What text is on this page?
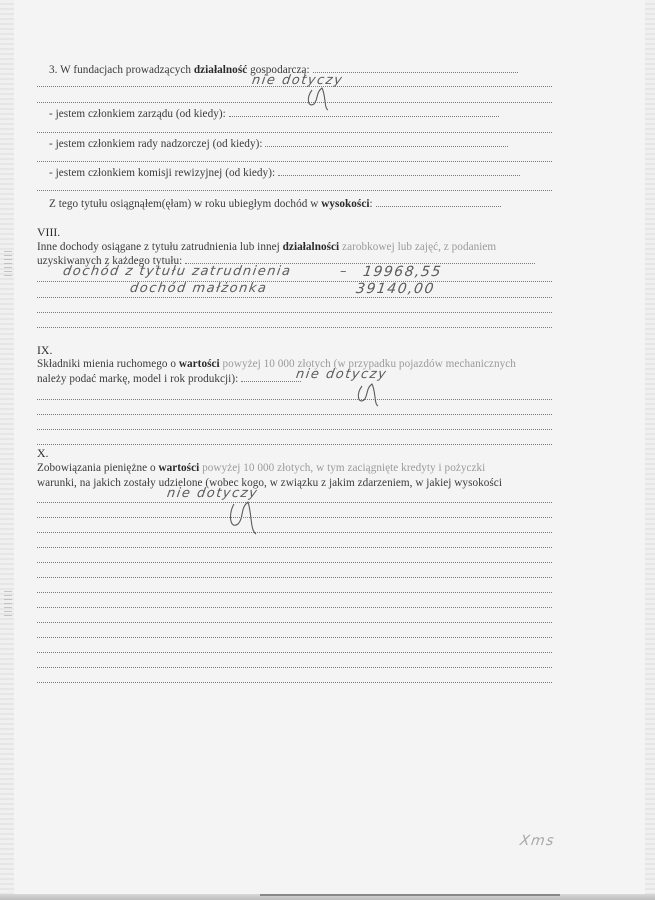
3. W fundacjach prowadzących działalność gospodarczą:
nie dotyczy
- jestem członkiem zarządu (od kiedy):
- jestem członkiem rady nadzorczej (od kiedy):
- jestem członkiem komisji rewizyjnej (od kiedy):
Z tego tytułu osiągnąłem(ęłam) w roku ubiegłym dochód w wysokości:
VIII.
Inne dochody osiągane z tytułu zatrudnienia lub innej działalności zarobkowej lub zajęć, z podaniem
uzyskiwanych z każdego tytułu:
dochód z tytułu zatrudnienia	– 19968,55
dochód małżonka	39140,00
IX.
Składniki mienia ruchomego o wartości powyżej 10 000 złotych (w przypadku pojazdów mechanicznych
należy podać markę, model i rok produkcji):	nie dotyczy
X.
Zobowiązania pieniężne o wartości powyżej 10 000 złotych, w tym zaciągnięte kredyty i pożyczki
warunki, na jakich zostały udzielone (wobec kogo, w związku z jakim zdarzeniem, w jakiej wysokości
nie dotyczy
Xms
